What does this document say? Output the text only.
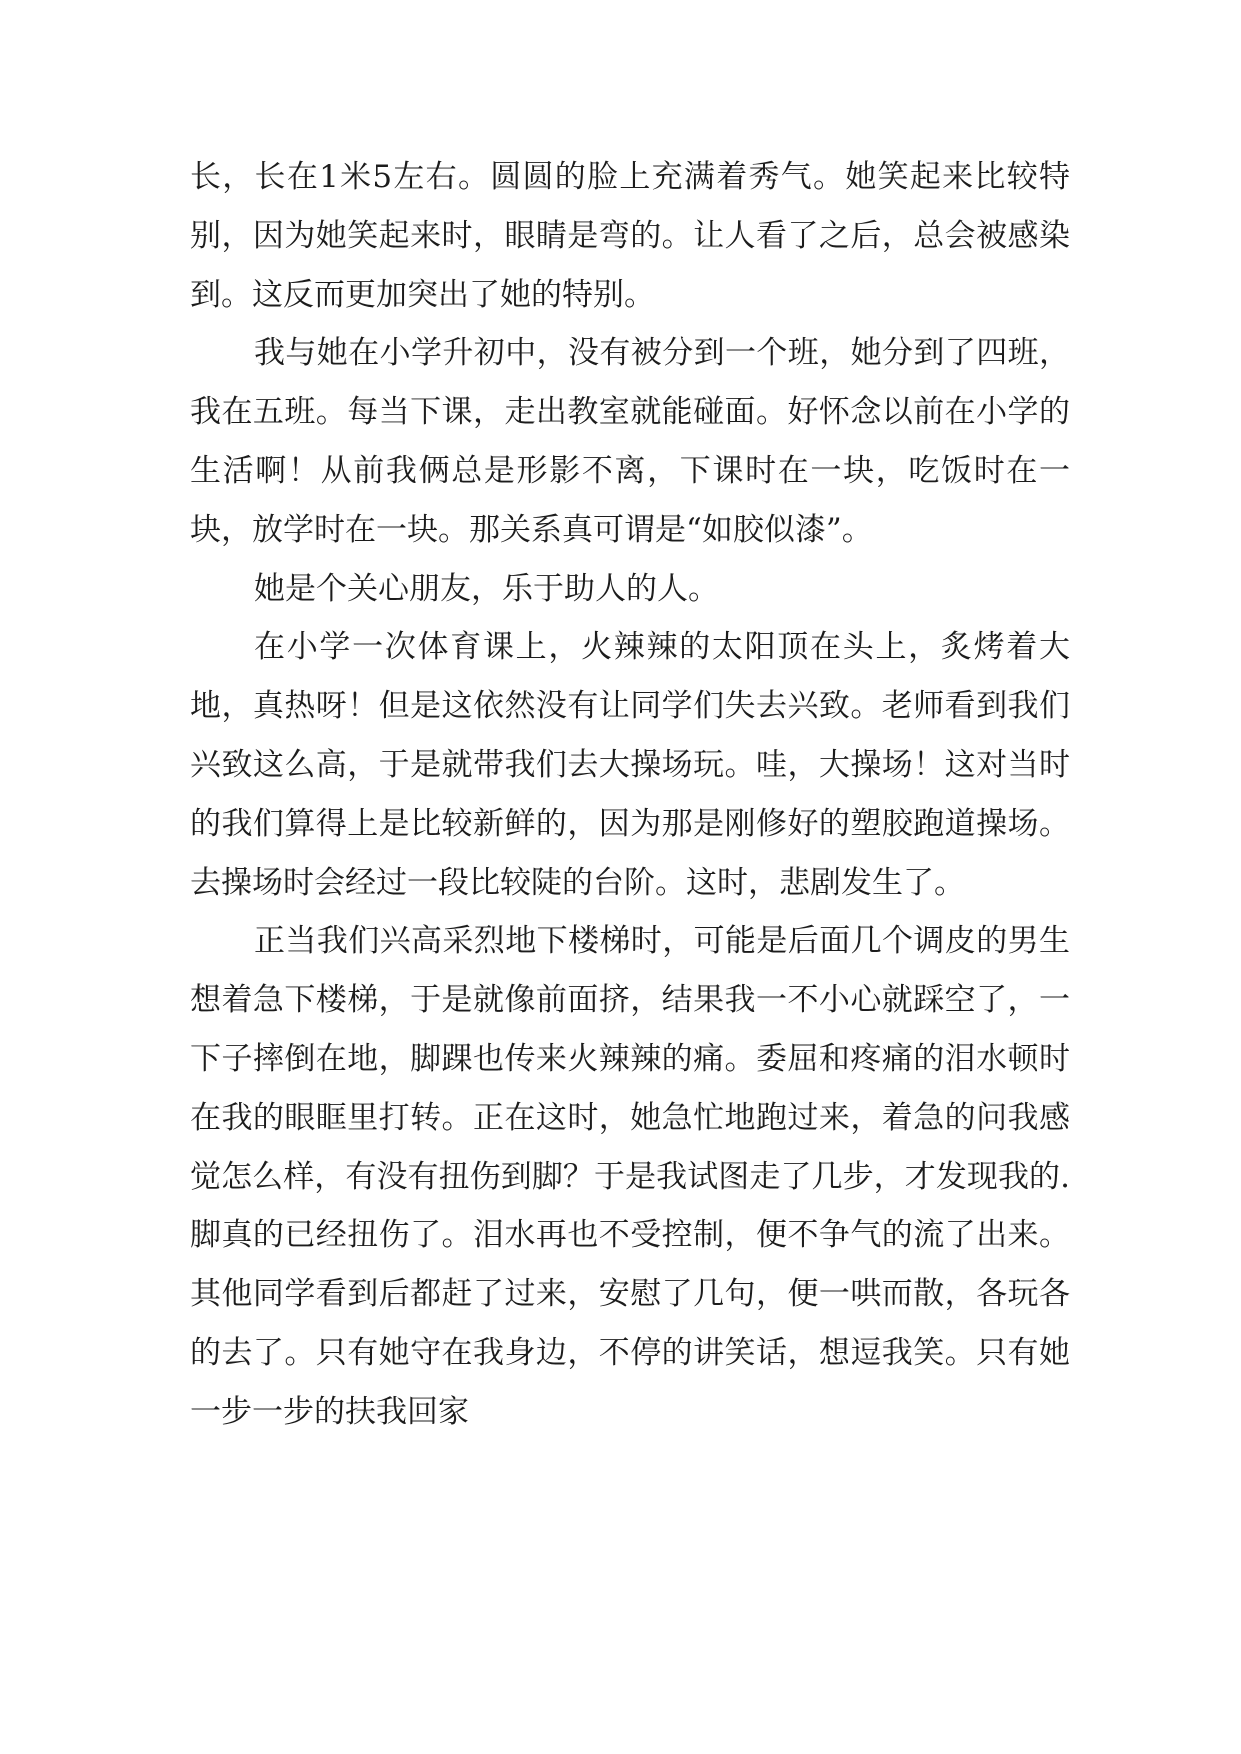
长，长在1米5左右。圆圆的脸上充满着秀气。她笑起来比较特别，因为她笑起来时，眼睛是弯的。让人看了之后，总会被感染到。这反而更加突出了她的特别。

我与她在小学升初中，没有被分到一个班，她分到了四班，我在五班。每当下课，走出教室就能碰面。好怀念以前在小学的生活啊！从前我俩总是形影不离，下课时在一块，吃饭时在一块，放学时在一块。那关系真可谓是“如胶似漆”。

她是个关心朋友，乐于助人的人。

在小学一次体育课上，火辣辣的太阳顶在头上，炙烤着大地，真热呀！但是这依然没有让同学们失去兴致。老师看到我们兴致这么高，于是就带我们去大操场玩。哇，大操场！这对当时的我们算得上是比较新鲜的，因为那是刚修好的塑胶跑道操场。去操场时会经过一段比较陡的台阶。这时，悲剧发生了。

正当我们兴高采烈地下楼梯时，可能是后面几个调皮的男生想着急下楼梯，于是就像前面挤，结果我一不小心就踩空了，一下子摔倒在地，脚踝也传来火辣辣的痛。委屈和疼痛的泪水顿时在我的眼眶里打转。正在这时，她急忙地跑过来，着急的问我感觉怎么样，有没有扭伤到脚？于是我试图走了几步，才发现我的.脚真的已经扭伤了。泪水再也不受控制，便不争气的流了出来。其他同学看到后都赶了过来，安慰了几句，便一哄而散，各玩各的去了。只有她守在我身边，不停的讲笑话，想逗我笑。只有她一步一步的扶我回家
